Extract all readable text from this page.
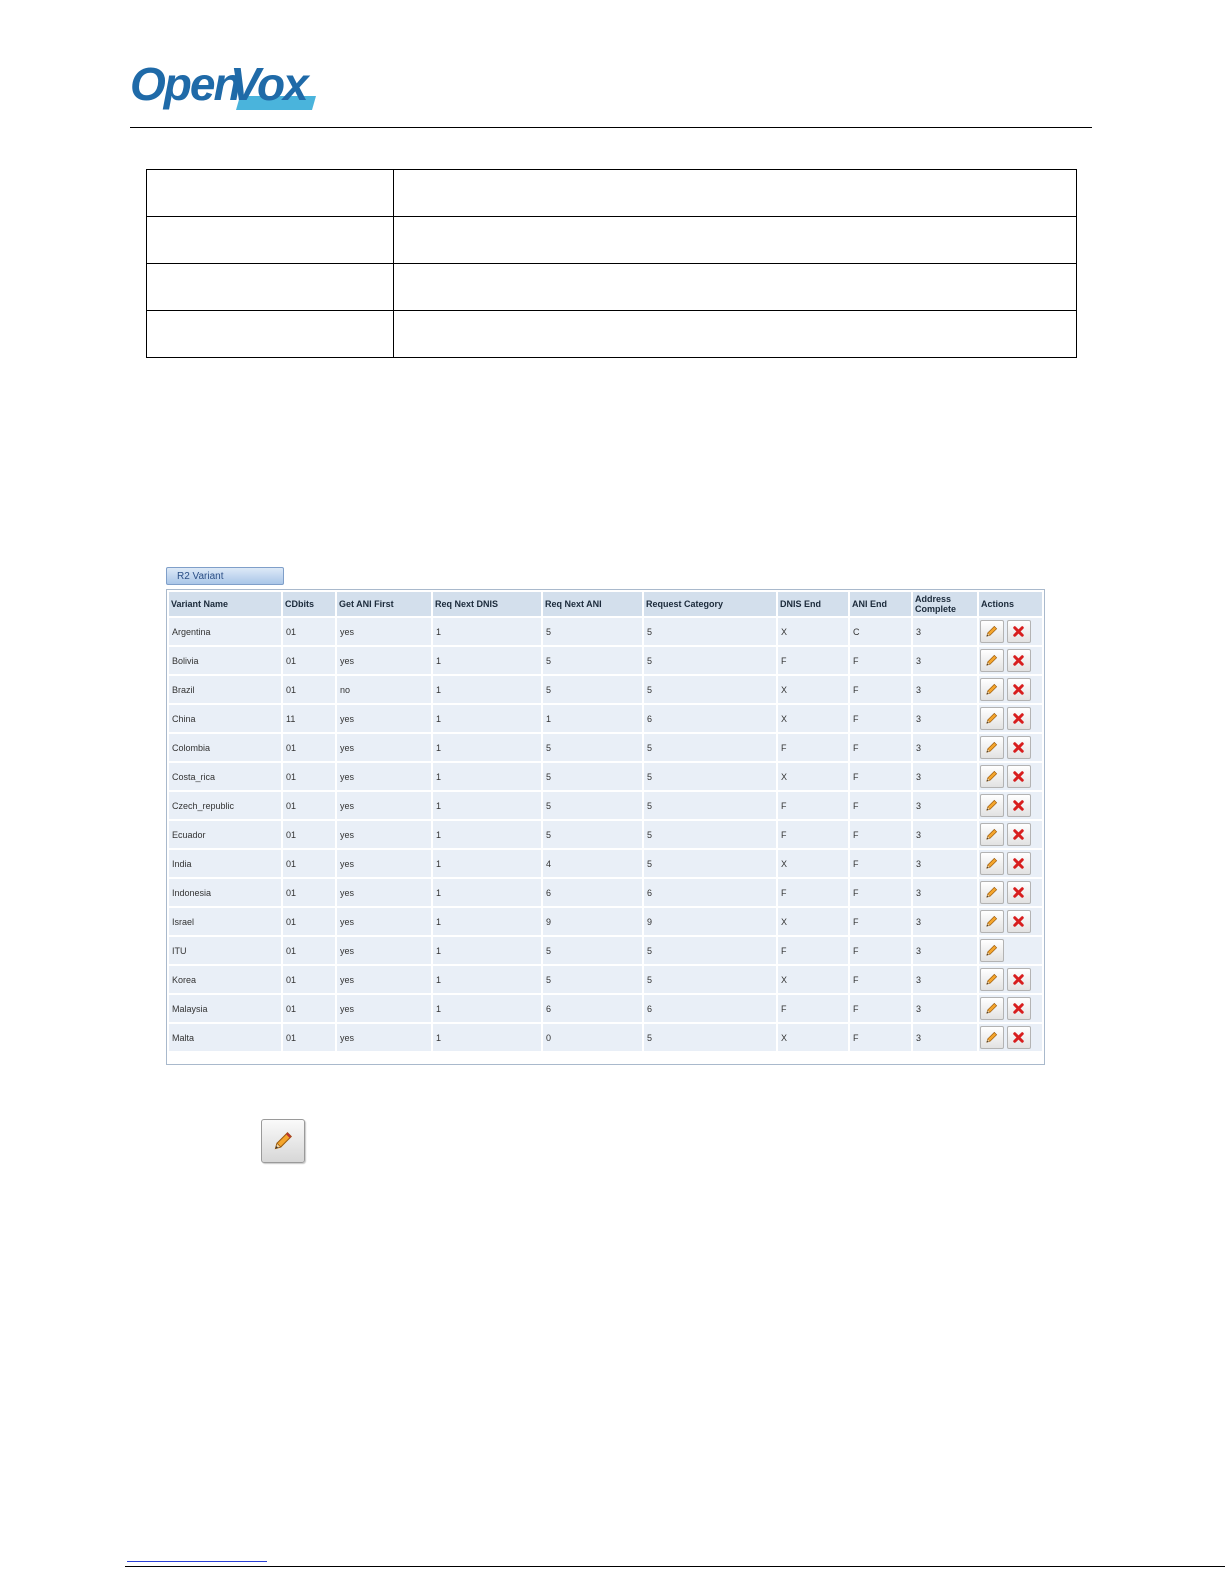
Open
Vox

R2 Variant
Variant Name	CDbits	Get ANI First	Req Next DNIS	Req Next ANI	Request Category	DNIS End	ANI End	Address Complete	Actions
Argentina	01	yes	1	5	5	X	C	3	

Bolivia	01	yes	1	5	5	F	F	3	

Brazil	01	no	1	5	5	X	F	3	

China	11	yes	1	1	6	X	F	3	

Colombia	01	yes	1	5	5	F	F	3	

Costa_rica	01	yes	1	5	5	X	F	3	

Czech_republic	01	yes	1	5	5	F	F	3	

Ecuador	01	yes	1	5	5	F	F	3	

India	01	yes	1	4	5	X	F	3	

Indonesia	01	yes	1	6	6	F	F	3	

Israel	01	yes	1	9	9	X	F	3	

ITU	01	yes	1	5	5	F	F	3	

Korea	01	yes	1	5	5	X	F	3	

Malaysia	01	yes	1	6	6	F	F	3	

Malta	01	yes	1	0	5	X	F	3	
